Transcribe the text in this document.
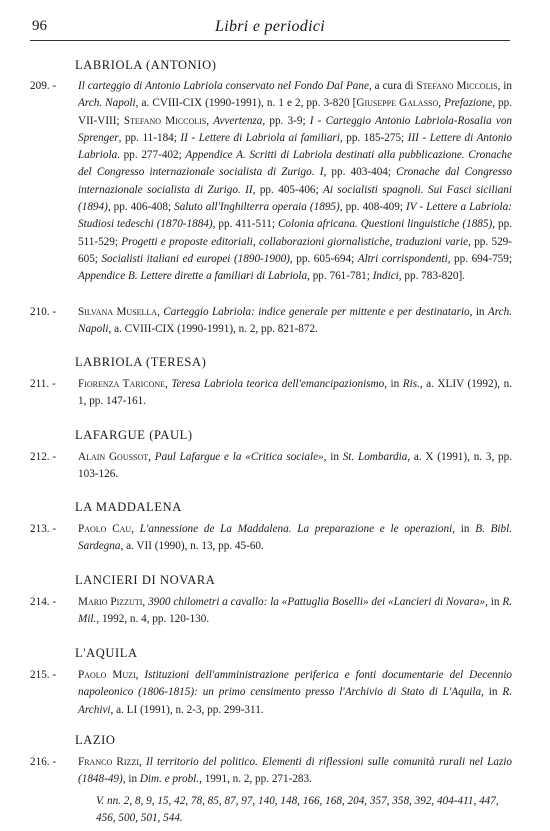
96	Libri e periodici
LABRIOLA (ANTONIO)
209. -	Il carteggio di Antonio Labriola conservato nel Fondo Dal Pane, a cura di Stefano Miccolis, in Arch. Napoli, a. CVIII-CIX (1990-1991), n. 1 e 2, pp. 3-820 [Giuseppe Galasso, Prefazione, pp. VII-VIII; Stefano Miccolis, Avvertenza, pp. 3-9; I - Carteggio Antonio Labriola-Rosalia von Sprenger, pp. 11-184; II - Lettere di Labriola ai familiari, pp. 185-275; III - Lettere di Antonio Labriola. pp. 277-402; Appendice A. Scritti di Labriola destinati alla pubblicazione. Cronache del Congresso internazionale socialista di Zurigo. I, pp. 403-404; Cronache dal Congresso internazionale socialista di Zurigo. II, pp. 405-406; Ai socialisti spagnoli. Sui Fasci siciliani (1894), pp. 406-408; Saluto all'Inghilterra operaia (1895), pp. 408-409; IV - Lettere a Labriola: Studiosi tedeschi (1870-1884), pp. 411-511; Colonia africana. Questioni linguistiche (1885), pp. 511-529; Progetti e proposte editoriali, collaborazioni giornalistiche, traduzioni varie, pp. 529-605; Socialisti italiani ed europei (1890-1900), pp. 605-694; Altri corrispondenti, pp. 694-759; Appendice B. Lettere dirette a familiari di Labriola, pp. 761-781; Indici, pp. 783-820].
210. -	Silvana Musella, Carteggio Labriola: indice generale per mittente e per destinatario, in Arch. Napoli, a. CVIII-CIX (1990-1991), n. 2, pp. 821-872.
LABRIOLA (TERESA)
211. -	Fiorenza Taricone, Teresa Labriola teorica dell'emancipazionismo, in Ris., a. XLIV (1992), n. 1, pp. 147-161.
LAFARGUE (PAUL)
212. -	Alain Goussot, Paul Lafargue e la «Critica sociale», in St. Lombardia, a. X (1991), n. 3, pp. 103-126.
LA MADDALENA
213. -	Paolo Cau, L'annessione de La Maddalena. La preparazione e le operazioni, in B. Bibl. Sardegna, a. VII (1990), n. 13, pp. 45-60.
LANCIERI DI NOVARA
214. -	Mario Pizzuti, 3900 chilometri a cavallo: la «Pattuglia Boselli» dei «Lancieri di Novara», in R. Mil., 1992, n. 4, pp. 120-130.
L'AQUILA
215. -	Paolo Muzi, Istituzioni dell'amministrazione periferica e fonti documentarie del Decennio napoleonico (1806-1815): un primo censimento presso l'Archivio di Stato di L'Aquila, in R. Archivi, a. LI (1991), n. 2-3, pp. 299-311.
LAZIO
216. -	Franco Rizzi, Il territorio del politico. Elementi di riflessioni sulle comunità rurali nel Lazio (1848-49), in Dim. e probl., 1991, n. 2, pp. 271-283.
V. nn. 2, 8, 9, 15, 42, 78, 85, 87, 97, 140, 148, 166, 168, 204, 357, 358, 392, 404-411, 447, 456, 500, 501, 544.
